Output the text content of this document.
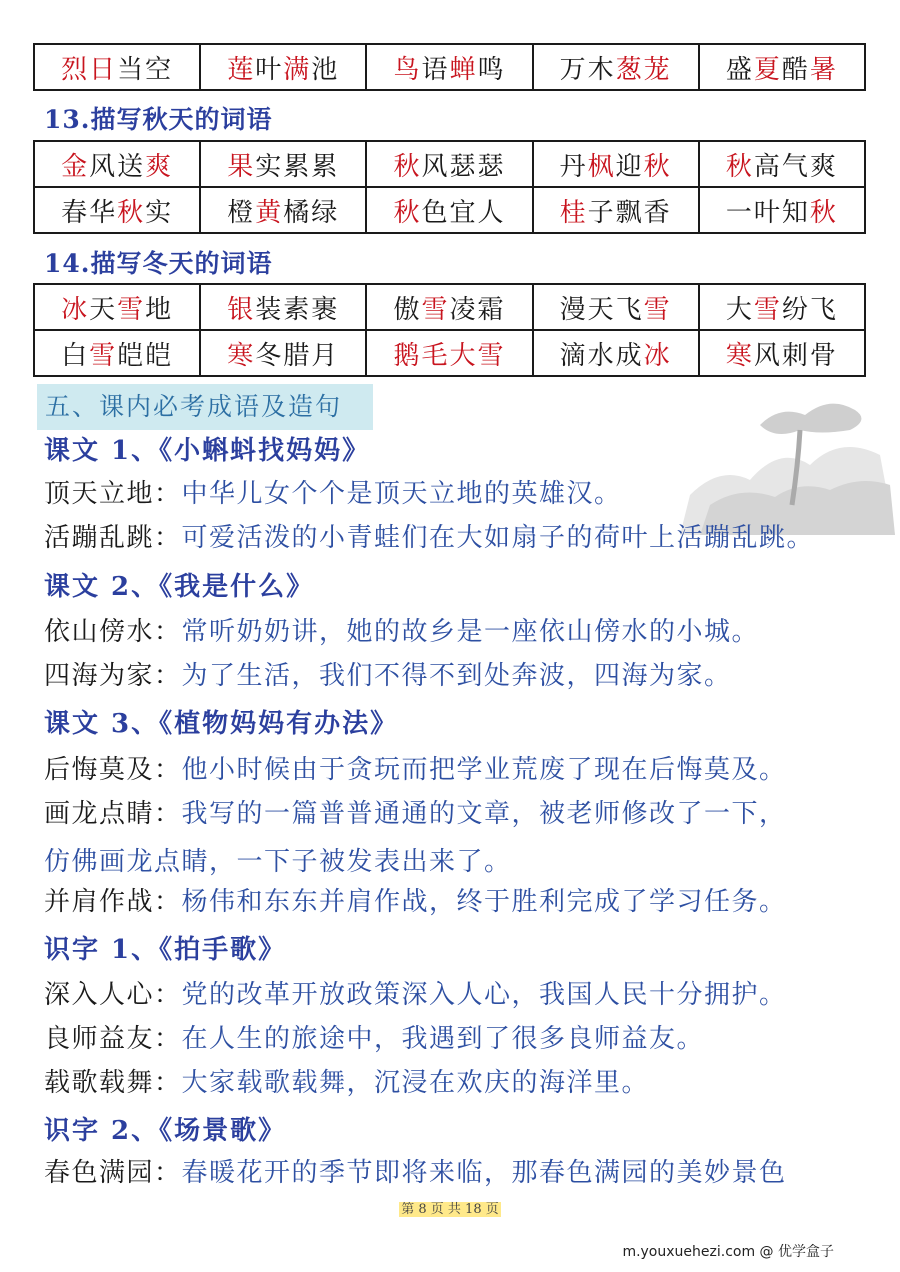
烈日当空	莲叶满池	鸟语蝉鸣	万木葱茏	盛夏酷暑
13.描写秋天的词语
金风送爽	果实累累	秋风瑟瑟	丹枫迎秋	秋高气爽
春华秋实	橙黄橘绿	秋色宜人	桂子飘香	一叶知秋
14.描写冬天的词语
冰天雪地	银装素裹	傲雪凌霜	漫天飞雪	大雪纷飞
白雪皑皑	寒冬腊月	鹅毛大雪	滴水成冰	寒风刺骨
五、课内必考成语及造句
课文 1、《小蝌蚪找妈妈》
顶天立地：中华儿女个个是顶天立地的英雄汉。
活蹦乱跳：可爱活泼的小青蛙们在大如扇子的荷叶上活蹦乱跳。
课文 2、《我是什么》
依山傍水：常听奶奶讲，她的故乡是一座依山傍水的小城。
四海为家：为了生活，我们不得不到处奔波，四海为家。
课文 3、《植物妈妈有办法》
后悔莫及：他小时候由于贪玩而把学业荒废了现在后悔莫及。
画龙点睛：我写的一篇普普通通的文章，被老师修改了一下，
仿佛画龙点睛，一下子被发表出来了。
并肩作战：杨伟和东东并肩作战，终于胜利完成了学习任务。
识字 1、《拍手歌》
深入人心：党的改革开放政策深入人心，我国人民十分拥护。
良师益友：在人生的旅途中，我遇到了很多良师益友。
载歌载舞：大家载歌载舞，沉浸在欢庆的海洋里。
识字 2、《场景歌》
春色满园：春暖花开的季节即将来临，那春色满园的美妙景色
第 8 页 共 18 页
m.youxuehezi.com @ 优学盒子
